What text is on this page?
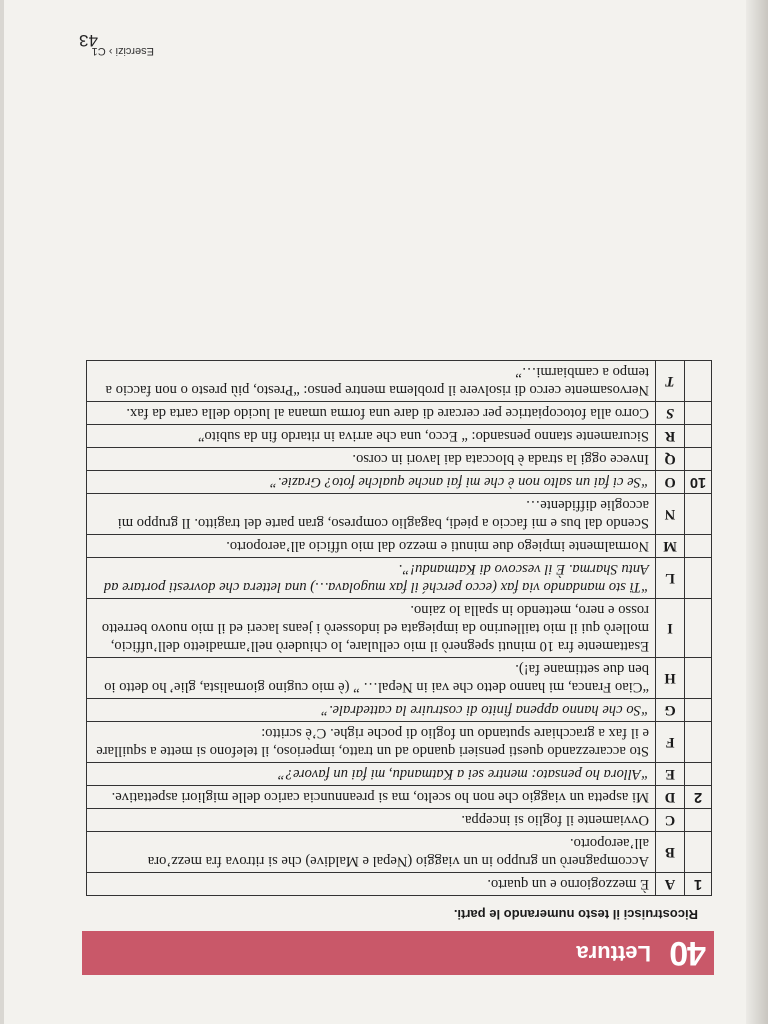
40
Lettura
Ricostruisci il testo numerando le parti.
1	A	È mezzogiorno e un quarto.
	B	Accompagnerò un gruppo in un viaggio (Nepal e Maldive) che si ritrova fra mezz’ora all’aeroporto.
	C	Ovviamente il foglio si inceppa.
2	D	Mi aspetta un viaggio che non ho scelto, ma si preannuncia carico delle migliori aspettative.
	E	“Allora ho pensato: mentre sei a Katmandu, mi fai un favore?”
	F	Sto accarezzando questi pensieri quando ad un tratto, imperioso, il telefono si mette a squillare e il fax a gracchiare sputando un foglio di poche righe. C’è scritto:
	G	“So che hanno appena finito di costruire la cattedrale.”
	H	“Ciao Franca, mi hanno detto che vai in Nepal… ” (è mio cugino giornalista, glie’ ho detto io ben due settimane fa!).
	I	Esattamente fra 10 minuti spegnerò il mio cellulare, lo chiuderò nell’armadietto dell’ufficio, mollerò qui il mio tailleurino da impiegata ed indosserò i jeans laceri ed il mio nuovo berretto rosso e nero, mettendo in spalla lo zaino.
	L	“Ti sto mandando via fax (ecco perché il fax mugolava…) una lettera che dovresti portare ad Antu Sharma. È il vescovo di Katmandu!”.
	M	Normalmente impiego due minuti e mezzo dal mio ufficio all’aeroporto.
	N	Scendo dal bus e mi faccio a piedi, bagaglio compreso, gran parte del tragitto. Il gruppo mi accoglie diffidente…
10	O	“Se ci fai un salto non è che mi fai anche qualche foto? Grazie.”
	Q	Invece oggi la strada è bloccata dai lavori in corso.
	R	Sicuramente stanno pensando: “ Ecco, una che arriva in ritardo fin da subito”
	S	Corro alla fotocopiatrice per cercare di dare una forma umana al lucido della carta da fax.
	T	Nervosamente cerco di risolvere il problema mentre penso: “Presto, più presto o non faccio a tempo a cambiarmi…”
Esercizi › C1
43
